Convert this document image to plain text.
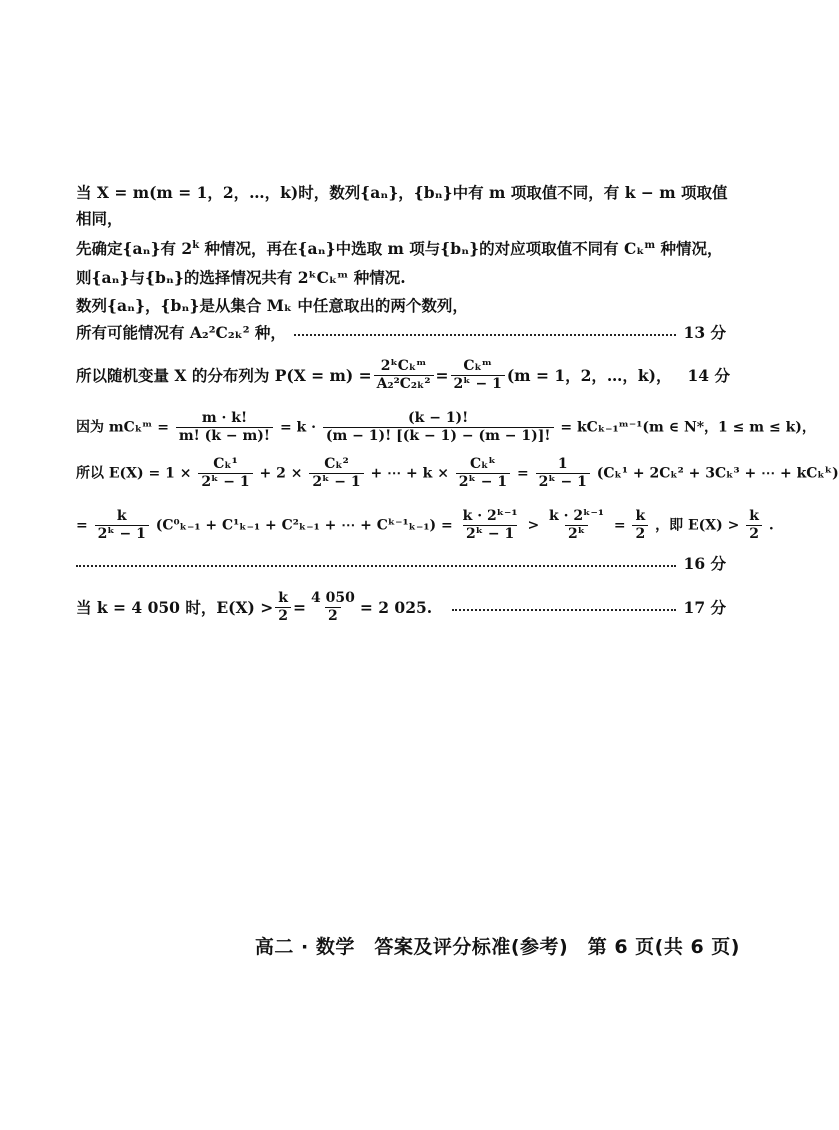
当 X = m(m = 1，2，…，k)时，数列{aₙ}，{bₙ}中有 m 项取值不同，有 k − m 项取值
相同，
先确定{aₙ}有 2$^k$ 种情况，再在{aₙ}中选取 m 项与{bₙ}的对应项取值不同有 Cₖ$^m$ 种情况，
则{aₙ}与{bₙ}的选择情况共有 2ᵏCₖᵐ 种情况.
数列{aₙ}，{bₙ}是从集合 Mₖ 中任意取出的两个数列，
所有可能情况有 A₂²C₂ₖ² 种，	13 分
所以随机变量 X 的分布列为 $P(X = m) = \frac{\text{2ᵏCₖᵐ}}{\text{A₂²C₂ₖ²}} = \frac{\text{Cₖᵐ}}{\text{2ᵏ − 1}} (m = 1$，2，…，k)， 14 分
因为 mCₖᵐ = $\frac{m \cdot k!}{m! (k - m)!} = k \cdot \frac{(k - 1)!}{(m - 1)! [(k - 1) - (m - 1)]!}$ = kCₖ₋₁ᵐ⁻¹(m ∈ N*，1 ≤ m ≤ k)，
所以 $E(X) = 1 \times \frac{\text{Cₖ¹}}{\text{2ᵏ − 1}} + 2 \times \frac{\text{Cₖ²}}{\text{2ᵏ − 1}}$ + ⋯ + $k \times \frac{\text{Cₖᵏ}}{\text{2ᵏ − 1}} = \frac{1}{\text{2ᵏ − 1}} (C_k^1 + 2C_k^2 + 3C_k^3$ + ⋯ + kCₖᵏ)
= $\frac{k}{\text{2ᵏ − 1}} (C^0_{k-1} + C^1_{k-1} + C^2_{k-1}$ + ⋯ + Cᵏ⁻¹ₖ₋₁) = $\frac{\text{k · 2ᵏ⁻¹}}{\text{2ᵏ − 1}} > \frac{\text{k · 2ᵏ⁻¹}}{\text{2ᵏ}} = \frac{k}{2}$ ，即 $E(X) > \frac{k}{2}$ .
16 分
当 k = 4 050 时，$E(X) > \frac{k}{2} = \frac{4 050}{2} = 2$ 025.	17 分
高二 · 数学　答案及评分标准(参考)　第 6 页(共 6 页)
